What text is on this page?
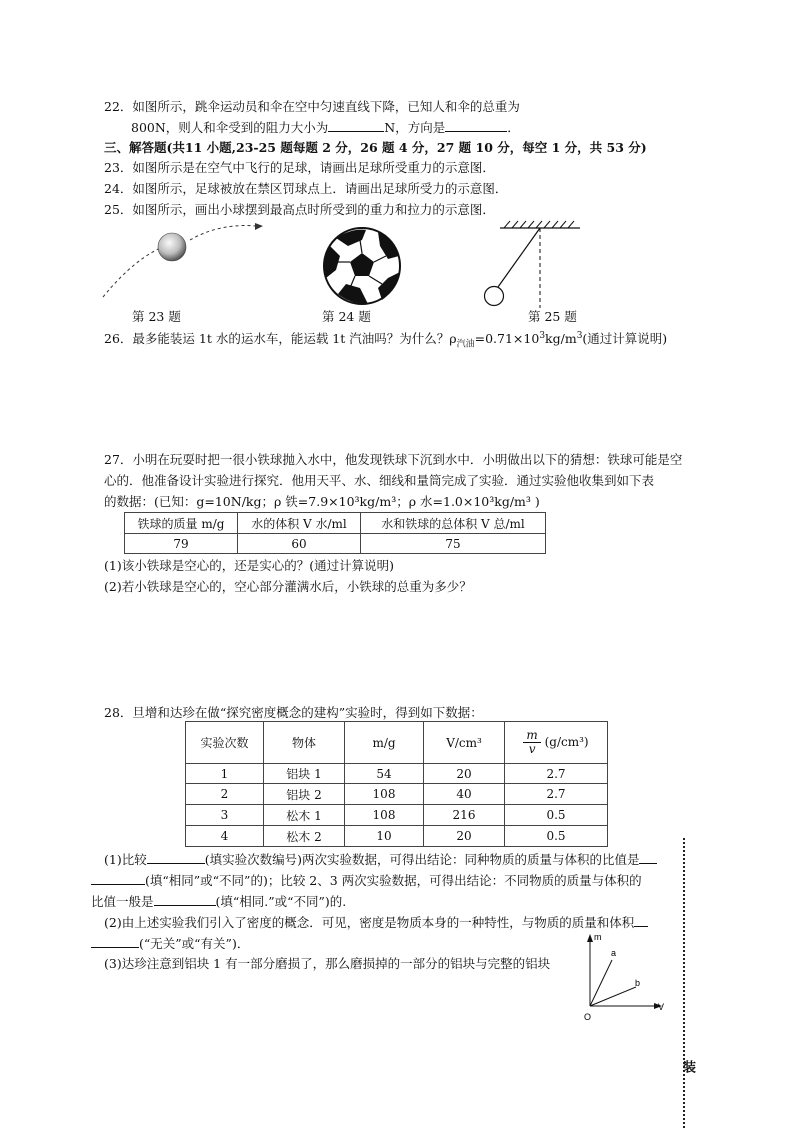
22．如图所示，跳伞运动员和伞在空中匀速直线下降，已知人和伞的总重为
800N，则人和伞受到的阻力大小为	N，方向是	．
三、解答题(共11 小题,23-25 题每题 2 分，26 题 4 分，27 题 10 分，每空 1 分，共 53 分)
23．如图所示是在空气中飞行的足球，请画出足球所受重力的示意图．
24．如图所示，足球被放在禁区罚球点上．请画出足球所受力的示意图．
25．如图所示，画出小球摆到最高点时所受到的重力和拉力的示意图．
第 23 题	第 24 题	第 25 题
26．最多能装运 1t 水的运水车，能运载 1t 汽油吗？为什么？$\rho_{汽油}=0.71\times 10^3kg/m^3$(通过计算说明)
27．小明在玩耍时把一很小铁球抛入水中，他发现铁球下沉到水中．小明做出以下的猜想：铁球可能是空
心的．他准备设计实验进行探究．他用天平、水、细线和量筒完成了实验．通过实验他收集到如下表
的数据：(已知：g=10N/kg；ρ 铁=7.9×10³kg/m³；ρ 水=1.0×10³kg/m³ )
铁球的质量 m/g	水的体积 V 水/ml	水和铁球的总体积 V 总/ml
79	60	75
(1)该小铁球是空心的，还是实心的？(通过计算说明)
(2)若小铁球是空心的，空心部分灌满水后，小铁球的总重为多少？
28．旦增和达珍在做“探究密度概念的建构”实验时，得到如下数据：
实验次数	物体	m/g	V/cm³	$\frac{m}{v} (g/cm^3)$
1	铝块 1	54	20	2.7
2	铝块 2	108	40	2.7
3	松木 1	108	216	0.5
4	松木 2	10	20	0.5
(1)比较	(填实验次数编号)两次实验数据，可得出结论：同种物质的质量与体积的比值是
(填“相同”或“不同”的)；比较 2、3 两次实验数据，可得出结论：不同物质的质量与体积的
比值一般是	(填“相同.”或“不同”)的.
(2)由上述实验我们引入了密度的概念．可见，密度是物质本身的一种特性，与物质的质量和体积
(“无关”或“有关”)．
(3)达珍注意到铝块 1 有一部分磨损了，那么磨损掉的一部分的铝块与完整的铝块
m
V
O
a
b
装
